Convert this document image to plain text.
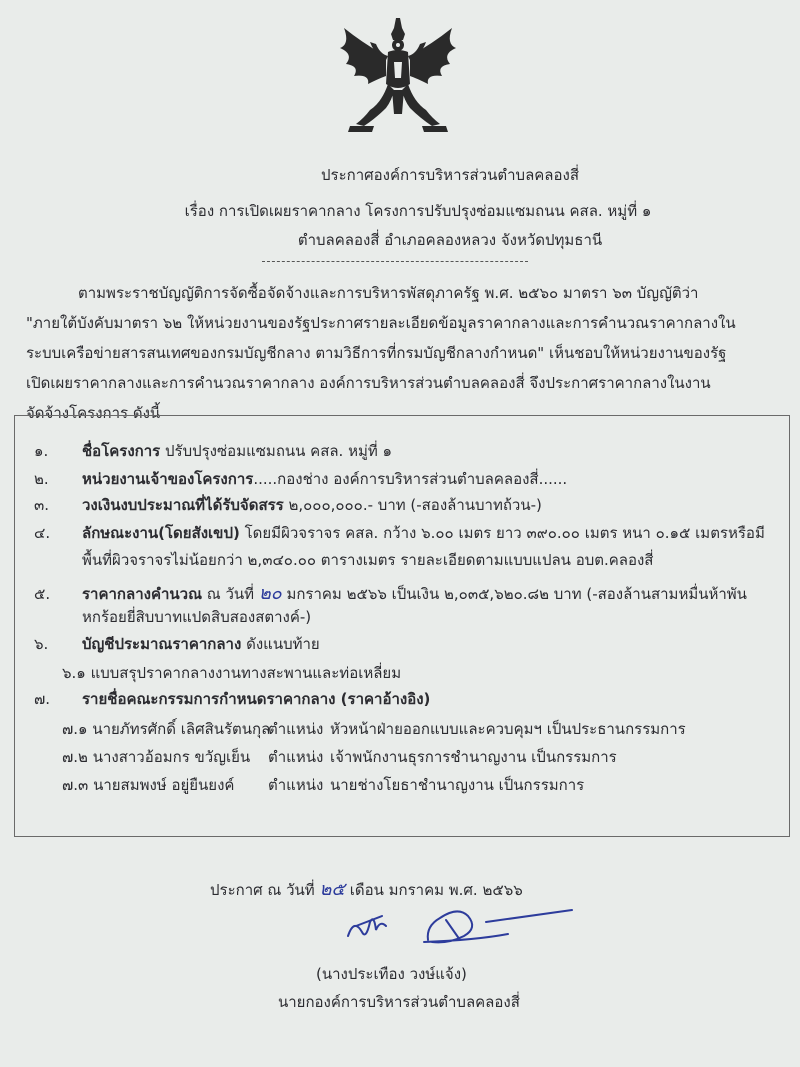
ประกาศองค์การบริหารส่วนตำบลคลองสี่
เรื่อง การเปิดเผยราคากลาง โครงการปรับปรุงซ่อมแซมถนน คสล. หมู่ที่ ๑
ตำบลคลองสี่ อำเภอคลองหลวง จังหวัดปทุมธานี

ตามพระราชบัญญัติการจัดซื้อจัดจ้างและการบริหารพัสดุภาครัฐ พ.ศ. ๒๕๖๐ มาตรา ๖๓ บัญญัติว่า

"ภายใต้บังคับมาตรา ๖๒ ให้หน่วยงานของรัฐประกาศรายละเอียดข้อมูลราคากลางและการคำนวณราคากลางใน

ระบบเครือข่ายสารสนเทศของกรมบัญชีกลาง ตามวิธีการที่กรมบัญชีกลางกำหนด" เห็นชอบให้หน่วยงานของรัฐ

เปิดเผยราคากลางและการคำนวณราคากลาง องค์การบริหารส่วนตำบลคลองสี่ จึงประกาศราคากลางในงาน

จัดจ้างโครงการ ดังนี้

๑. ชื่อโครงการ ปรับปรุงซ่อมแซมถนน คสล. หมู่ที่ ๑
๒. หน่วยงานเจ้าของโครงการ.....กองช่าง องค์การบริหารส่วนตำบลคลองสี่......
๓. วงเงินงบประมาณที่ได้รับจัดสรร ๒,๐๐๐,๐๐๐.- บาท (-สองล้านบาทถ้วน-)
๔. ลักษณะงาน(โดยสังเขป) โดยมีผิวจราจร คสล. กว้าง ๖.๐๐ เมตร ยาว ๓๙๐.๐๐ เมตร หนา ๐.๑๕ เมตรหรือมี
พื้นที่ผิวจราจรไม่น้อยกว่า ๒,๓๔๐.๐๐ ตารางเมตร รายละเอียดตามแบบแปลน อบต.คลองสี่
๕. ราคากลางคำนวณ ณ วันที่ ๒๐ มกราคม ๒๕๖๖ เป็นเงิน ๒,๐๓๕,๖๒๐.๘๒ บาท (-สองล้านสามหมื่นห้าพัน
หกร้อยยี่สิบบาทแปดสิบสองสตางค์-)
๖. บัญชีประมาณราคากลาง ดังแนบท้าย
๖.๑ แบบสรุปราคากลางงานทางสะพานและท่อเหลี่ยม
๗. รายชื่อคณะกรรมการกำหนดราคากลาง (ราคาอ้างอิง)
๗.๑ นายภัทรศักดิ์ เลิศสินรัตนกุลตำแหน่ง หัวหน้าฝ่ายออกแบบและควบคุมฯ เป็นประธานกรรมการ
๗.๒ นางสาวอ้อมกร ขวัญเย็น ตำแหน่ง เจ้าพนักงานธุรการชำนาญงาน เป็นกรรมการ
๗.๓ นายสมพงษ์ อยู่ยืนยงค์ ตำแหน่ง นายช่างโยธาชำนาญงาน เป็นกรรมการ
ประกาศ ณ วันที่ ๒๕ เดือน มกราคม พ.ศ. ๒๕๖๖
(นางประเทือง วงษ์แจ้ง)
นายกองค์การบริหารส่วนตำบลคลองสี่
